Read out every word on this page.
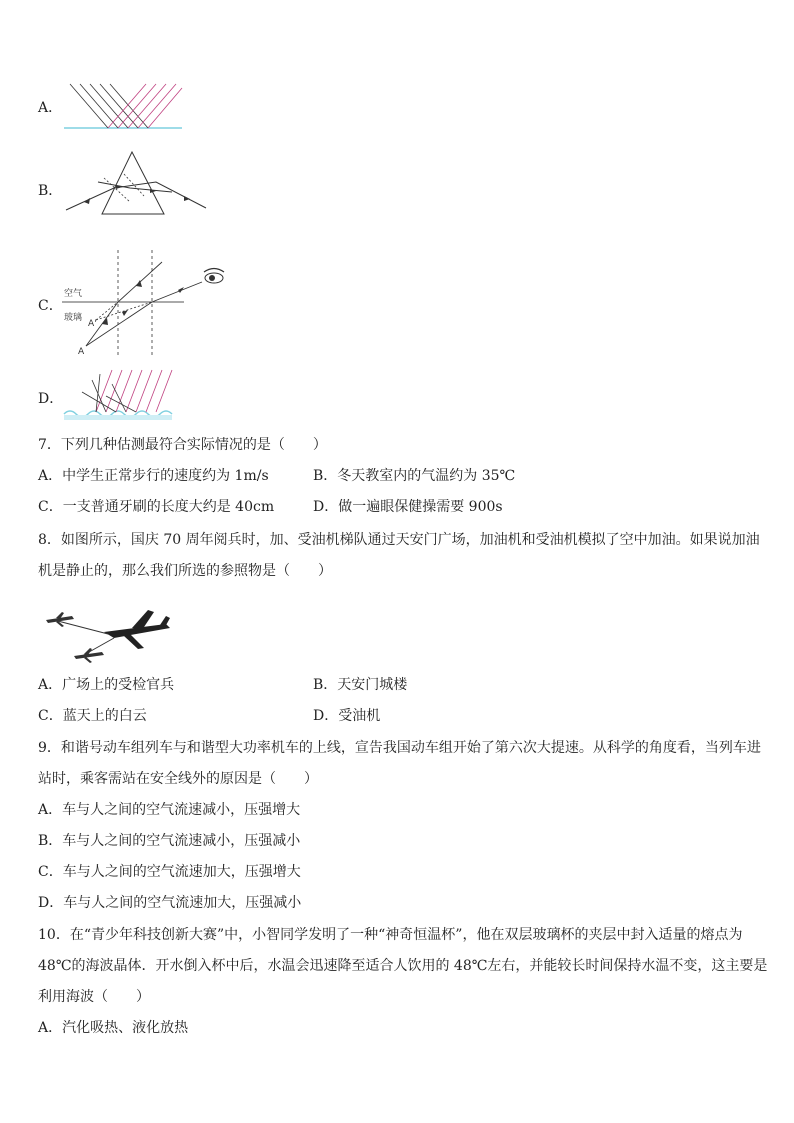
A．
B．
C．
空气
玻璃
A'
A
D．
7．下列几种估测最符合实际情况的是（　　）
A．中学生正常步行的速度约为 1m/s	B．冬天教室内的气温约为 35℃
C．一支普通牙刷的长度大约是 40cm	D．做一遍眼保健操需要 900s
8．如图所示，国庆 70 周年阅兵时，加、受油机梯队通过天安门广场，加油机和受油机模拟了空中加油。如果说加油
机是静止的，那么我们所选的参照物是（　　）
A．广场上的受检官兵	B．天安门城楼
C．蓝天上的白云	D．受油机
9．和谐号动车组列车与和谐型大功率机车的上线，宣告我国动车组开始了第六次大提速。从科学的角度看，当列车进
站时，乘客需站在安全线外的原因是（　　）
A．车与人之间的空气流速减小，压强增大
B．车与人之间的空气流速减小，压强减小
C．车与人之间的空气流速加大，压强增大
D．车与人之间的空气流速加大，压强减小
10．在“青少年科技创新大赛”中，小智同学发明了一种“神奇恒温杯”，他在双层玻璃杯的夹层中封入适量的熔点为
48℃的海波晶体．开水倒入杯中后，水温会迅速降至适合人饮用的 48℃左右，并能较长时间保持水温不变，这主要是
利用海波（　　）
A．汽化吸热、液化放热
